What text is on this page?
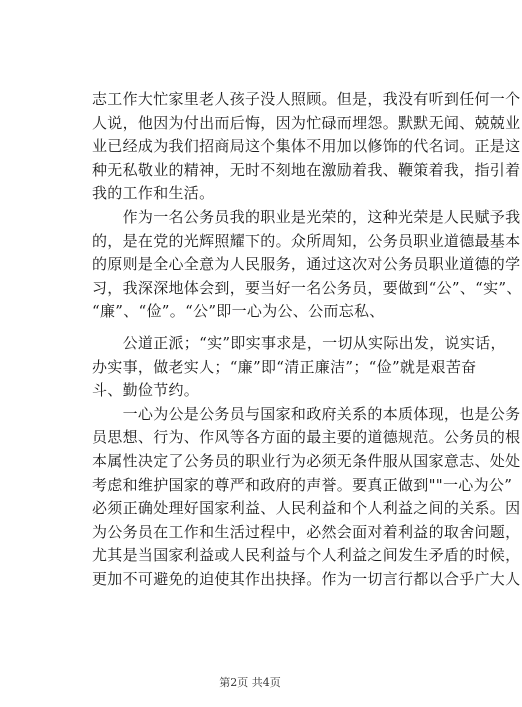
志工作大忙家里老人孩子没人照顾。但是，我没有听到任何一个
人说，他因为付出而后悔，因为忙碌而埋怨。默默无闻、兢兢业
业已经成为我们招商局这个集体不用加以修饰的代名词。正是这
种无私敬业的精神，无时不刻地在激励着我、鞭策着我，指引着
我的工作和生活。
　　作为一名公务员我的职业是光荣的，这种光荣是人民赋予我
的，是在党的光辉照耀下的。众所周知，公务员职业道德最基本
的原则是全心全意为人民服务，通过这次对公务员职业道德的学
习，我深深地体会到，要当好一名公务员，要做到“公”、“实”、
“廉”、“俭”。“公”即一心为公、公而忘私、
　　公道正派；“实”即实事求是，一切从实际出发，说实话，
办实事，做老实人；“廉”即“清正廉洁”；“俭”就是艰苦奋
斗、勤俭节约。
　　一心为公是公务员与国家和政府关系的本质体现，也是公务
员思想、行为、作风等各方面的最主要的道德规范。公务员的根
本属性决定了公务员的职业行为必须无条件服从国家意志、处处
考虑和维护国家的尊严和政府的声誉。要真正做到""一心为公”
必须正确处理好国家利益、人民利益和个人利益之间的关系。因
为公务员在工作和生活过程中，必然会面对着利益的取舍问题，
尤其是当国家利益或人民利益与个人利益之间发生矛盾的时候，
更加不可避免的迫使其作出抉择。作为一切言行都以合乎广大人
第2页 共4页
